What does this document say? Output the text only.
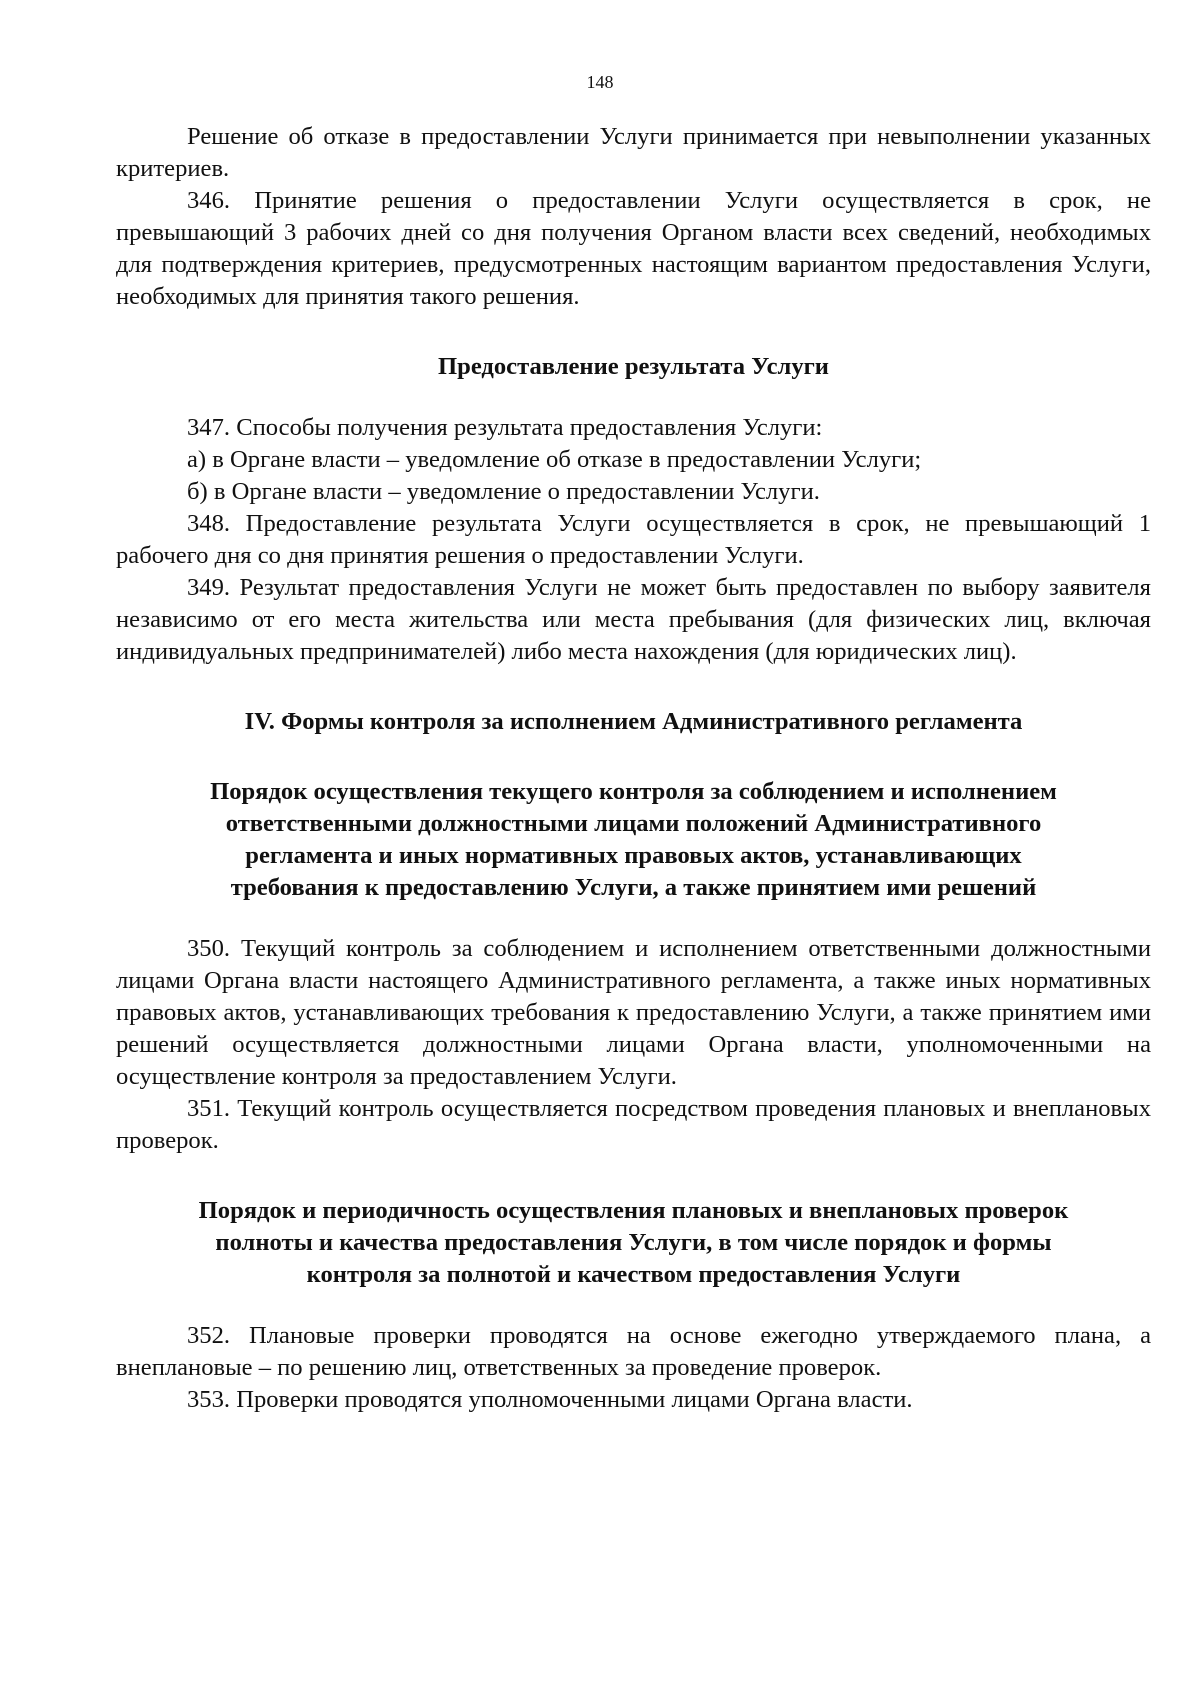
148

Решение об отказе в предоставлении Услуги принимается при невыполнении указанных критериев.

346. Принятие решения о предоставлении Услуги осуществляется в срок, не превышающий 3 рабочих дней со дня получения Органом власти всех сведений, необходимых для подтверждения критериев, предусмотренных настоящим вариантом предоставления Услуги, необходимых для принятия такого решения.

Предоставление результата Услуги

347. Способы получения результата предоставления Услуги:

а) в Органе власти – уведомление об отказе в предоставлении Услуги;

б) в Органе власти – уведомление о предоставлении Услуги.

348. Предоставление результата Услуги осуществляется в срок, не превышающий 1 рабочего дня со дня принятия решения о предоставлении Услуги.

349. Результат предоставления Услуги не может быть предоставлен по выбору заявителя независимо от его места жительства или места пребывания (для физических лиц, включая индивидуальных предпринимателей) либо места нахождения (для юридических лиц).

IV. Формы контроля за исполнением Административного регламента
Порядок осуществления текущего контроля за соблюдением и исполнением
ответственными должностными лицами положений Административного
регламента и иных нормативных правовых актов, устанавливающих
требования к предоставлению Услуги, а также принятием ими решений

350. Текущий контроль за соблюдением и исполнением ответственными должностными лицами Органа власти настоящего Административного регламента, а также иных нормативных правовых актов, устанавливающих требования к предоставлению Услуги, а также принятием ими решений осуществляется должностными лицами Органа власти, уполномоченными на осуществление контроля за предоставлением Услуги.

351. Текущий контроль осуществляется посредством проведения плановых и внеплановых проверок.

Порядок и периодичность осуществления плановых и внеплановых проверок
полноты и качества предоставления Услуги, в том числе порядок и формы
контроля за полнотой и качеством предоставления Услуги

352. Плановые проверки проводятся на основе ежегодно утверждаемого плана, а внеплановые – по решению лиц, ответственных за проведение проверок.

353. Проверки проводятся уполномоченными лицами Органа власти.
